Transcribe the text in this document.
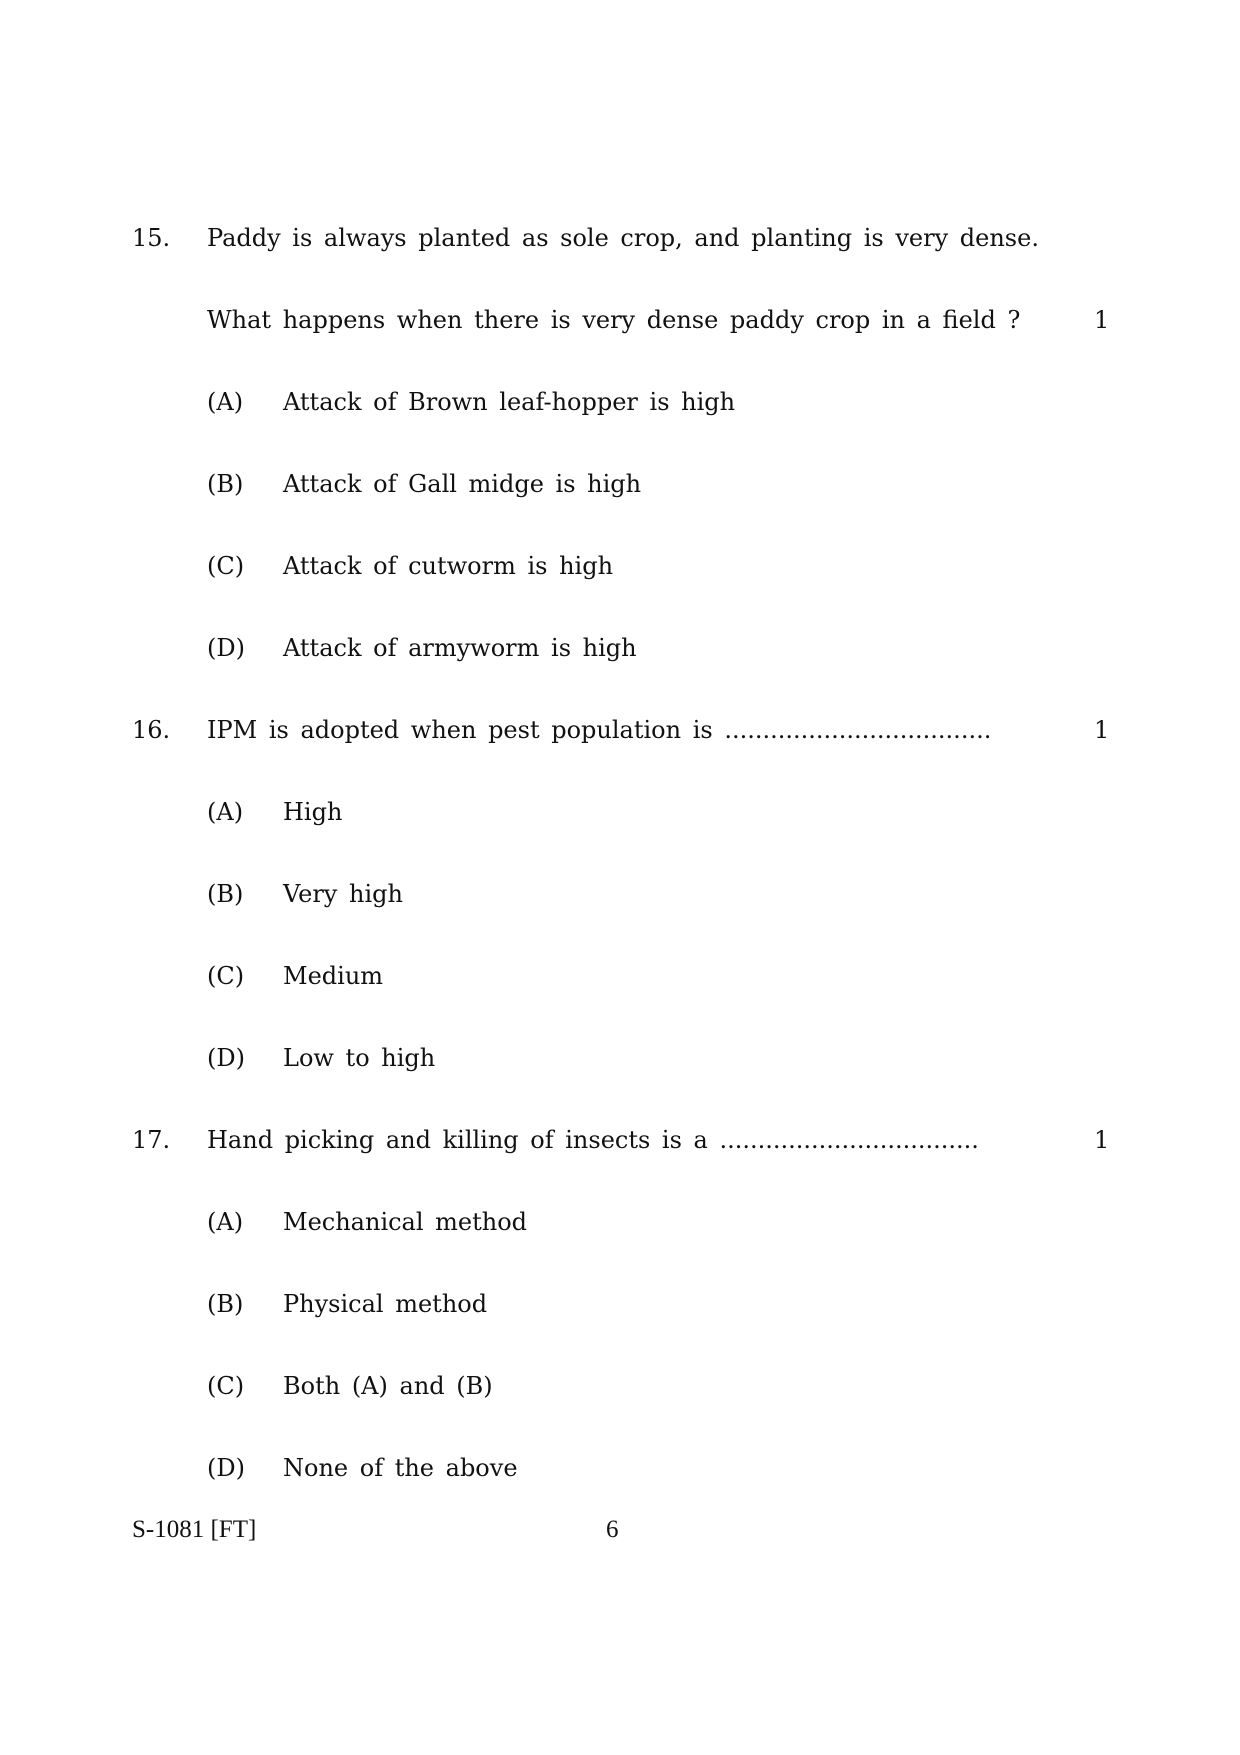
15. Paddy is always planted as sole crop, and planting is very dense.
What happens when there is very dense paddy crop in a field ?	1
(A) Attack of Brown leaf-hopper is high
(B) Attack of Gall midge is high
(C) Attack of cutworm is high
(D) Attack of armyworm is high
16. IPM is adopted when pest population is ...................................	1
(A) High
(B) Very high
(C) Medium
(D) Low to high
17. Hand picking and killing of insects is a ..................................	1
(A) Mechanical method
(B) Physical method
(C) Both (A) and (B)
(D) None of the above
S-1081 [FT]	6
